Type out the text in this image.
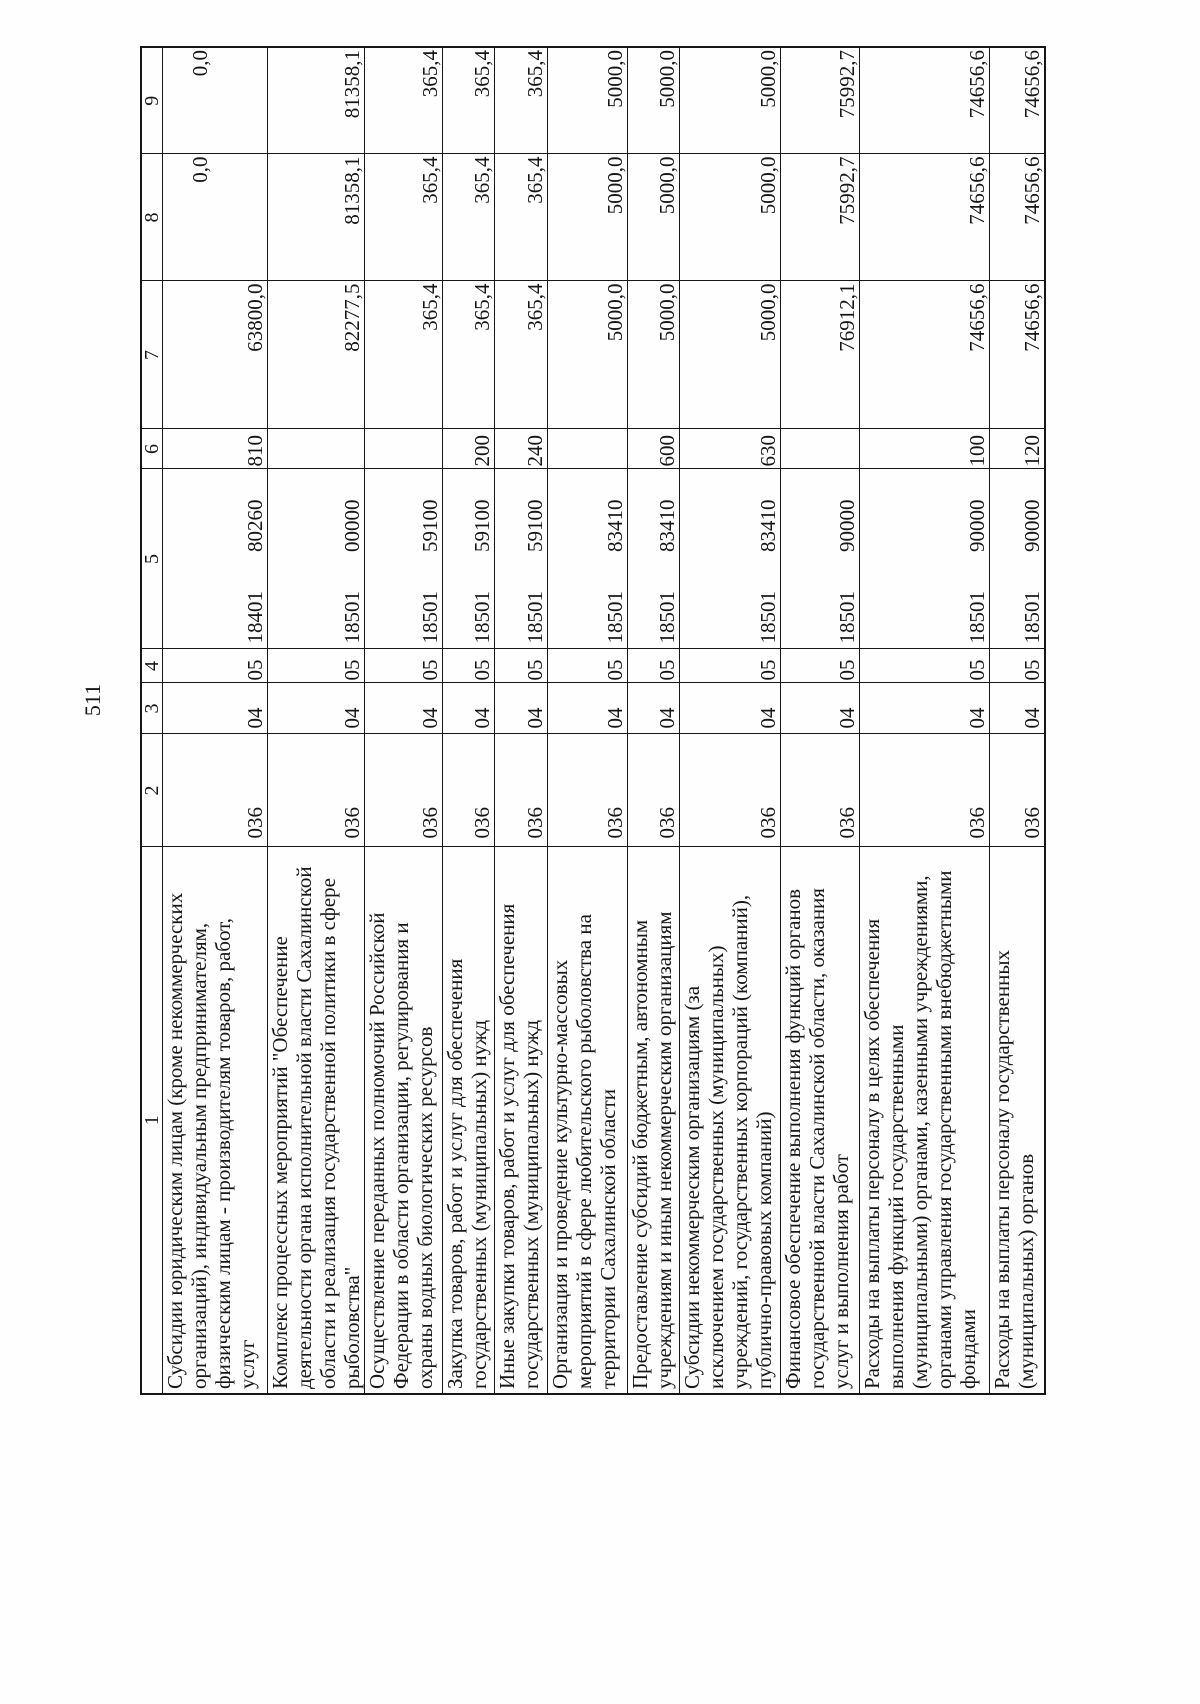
511
1	2	3	4	5		6	7	8	9
Субсидии юридическим лицам (кроме некоммерческих
организаций), индивидуальным предпринимателям,
физическим лицам - производителям товаров, работ,
услуг	036	04	05	18401	80260	810	63800,0	0,0	0,0
Комплекс процессных мероприятий "Обеспечение
деятельности органа исполнительной власти Сахалинской
области и реализация государственной политики в сфере
рыболовства"	036	04	05	18501	00000		82277,5	81358,1	81358,1
Осуществление переданных полномочий Российской
Федерации в области организации, регулирования и
охраны водных биологических ресурсов	036	04	05	18501	59100		365,4	365,4	365,4
Закупка товаров, работ и услуг для обеспечения
государственных (муниципальных) нужд	036	04	05	18501	59100	200	365,4	365,4	365,4
Иные закупки товаров, работ и услуг для обеспечения
государственных (муниципальных) нужд	036	04	05	18501	59100	240	365,4	365,4	365,4
Организация и проведение культурно-массовых
мероприятий в сфере любительского рыболовства на
территории Сахалинской области	036	04	05	18501	83410		5000,0	5000,0	5000,0
Предоставление субсидий бюджетным, автономным
учреждениям и иным некоммерческим организациям	036	04	05	18501	83410	600	5000,0	5000,0	5000,0
Субсидии некоммерческим организациям (за
исключением государственных (муниципальных)
учреждений, государственных корпораций (компаний),
публично-правовых компаний)	036	04	05	18501	83410	630	5000,0	5000,0	5000,0
Финансовое обеспечение выполнения функций органов
государственной власти Сахалинской области, оказания
услуг и выполнения работ	036	04	05	18501	90000		76912,1	75992,7	75992,7
Расходы на выплаты персоналу в целях обеспечения
выполнения функций государственными
(муниципальными) органами, казенными учреждениями,
органами управления государственными внебюджетными
фондами	036	04	05	18501	90000	100	74656,6	74656,6	74656,6
Расходы на выплаты персоналу государственных
(муниципальных) органов	036	04	05	18501	90000	120	74656,6	74656,6	74656,6
